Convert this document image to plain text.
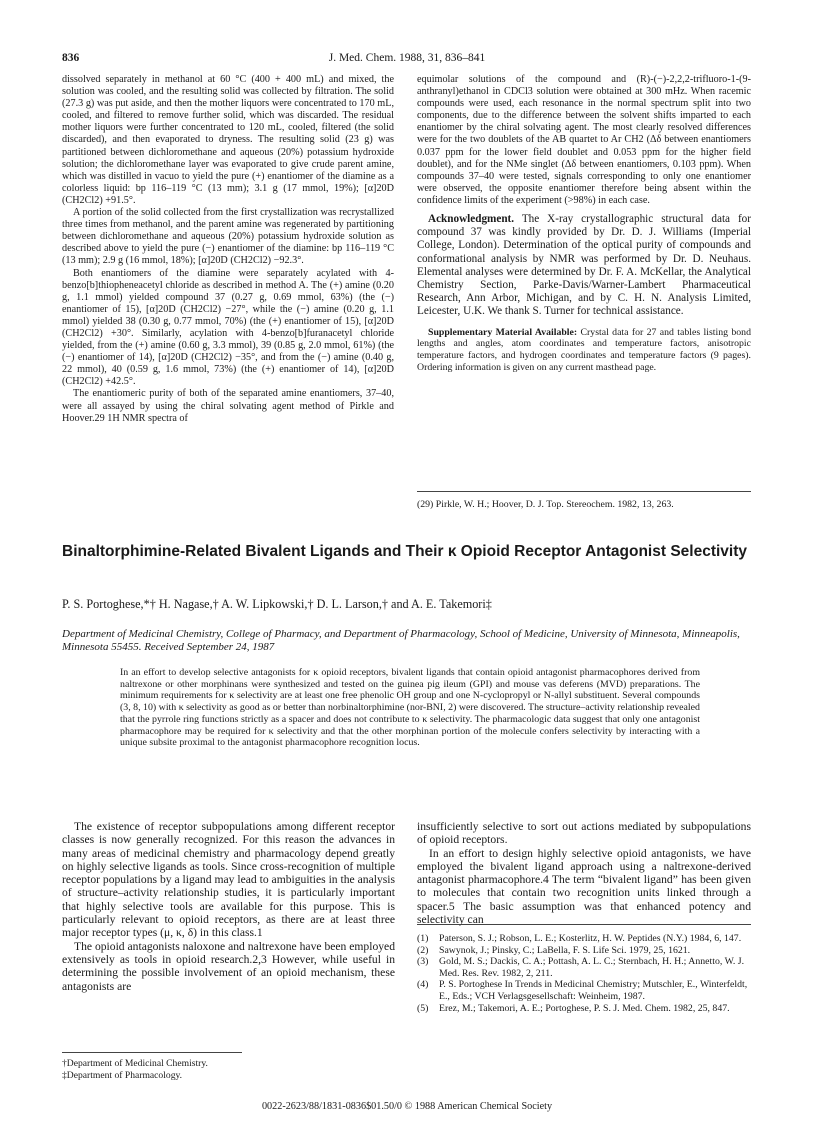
836	J. Med. Chem. 1988, 31, 836–841

dissolved separately in methanol at 60 °C (400 + 400 mL) and mixed, the solution was cooled, and the resulting solid was collected by filtration. The solid (27.3 g) was put aside, and then the mother liquors were concentrated to 170 mL, cooled, and filtered to remove further solid, which was discarded. The residual mother liquors were further concentrated to 120 mL, cooled, filtered (the solid discarded), and then evaporated to dryness. The resulting solid (23 g) was partitioned between dichloromethane and aqueous (20%) potassium hydroxide solution; the dichloromethane layer was evaporated to give crude parent amine, which was distilled in vacuo to yield the pure (+) enantiomer of the diamine as a colorless liquid: bp 116–119 °C (13 mm); 3.1 g (17 mmol, 19%); [α]20D (CH2Cl2) +91.5°.

A portion of the solid collected from the first crystallization was recrystallized three times from methanol, and the parent amine was regenerated by partitioning between dichloromethane and aqueous (20%) potassium hydroxide solution as described above to yield the pure (−) enantiomer of the diamine: bp 116–119 °C (13 mm); 2.9 g (16 mmol, 18%); [α]20D (CH2Cl2) −92.3°.

Both enantiomers of the diamine were separately acylated with 4-benzo[b]thiopheneacetyl chloride as described in method A. The (+) amine (0.20 g, 1.1 mmol) yielded compound 37 (0.27 g, 0.69 mmol, 63%) (the (−) enantiomer of 15), [α]20D (CH2Cl2) −27°, while the (−) amine (0.20 g, 1.1 mmol) yielded 38 (0.30 g, 0.77 mmol, 70%) (the (+) enantiomer of 15), [α]20D (CH2Cl2) +30°. Similarly, acylation with 4-benzo[b]furanacetyl chloride yielded, from the (+) amine (0.60 g, 3.3 mmol), 39 (0.85 g, 2.0 mmol, 61%) (the (−) enantiomer of 14), [α]20D (CH2Cl2) −35°, and from the (−) amine (0.40 g, 22 mmol), 40 (0.59 g, 1.6 mmol, 73%) (the (+) enantiomer of 14), [α]20D (CH2Cl2) +42.5°.

The enantiomeric purity of both of the separated amine enantiomers, 37–40, were all assayed by using the chiral solvating agent method of Pirkle and Hoover.29 1H NMR spectra of

equimolar solutions of the compound and (R)-(−)-2,2,2-trifluoro-1-(9-anthranyl)ethanol in CDCl3 solution were obtained at 300 mHz. When racemic compounds were used, each resonance in the normal spectrum split into two components, due to the difference between the solvent shifts imparted to each enantiomer by the chiral solvating agent. The most clearly resolved differences were for the two doublets of the AB quartet to Ar CH2 (Δδ between enantiomers 0.037 ppm for the lower field doublet and 0.053 ppm for the higher field doublet), and for the NMe singlet (Δδ between enantiomers, 0.103 ppm). When compounds 37–40 were tested, signals corresponding to only one enantiomer were observed, the opposite enantiomer therefore being absent within the confidence limits of the experiment (>98%) in each case.

Acknowledgment. The X-ray crystallographic structural data for compound 37 was kindly provided by Dr. D. J. Williams (Imperial College, London). Determination of the optical purity of compounds and conformational analysis by NMR was performed by Dr. D. Neuhaus. Elemental analyses were determined by Dr. F. A. McKellar, the Analytical Chemistry Section, Parke-Davis/Warner-Lambert Pharmaceutical Research, Ann Arbor, Michigan, and by C. H. N. Analysis Limited, Leicester, U.K. We thank S. Turner for technical assistance.

Supplementary Material Available: Crystal data for 27 and tables listing bond lengths and angles, atom coordinates and temperature factors, anisotropic temperature factors, and hydrogen coordinates and temperature factors (9 pages). Ordering information is given on any current masthead page.

(29) Pirkle, W. H.; Hoover, D. J. Top. Stereochem. 1982, 13, 263.
Binaltorphimine-Related Bivalent Ligands and Their κ Opioid Receptor Antagonist Selectivity
P. S. Portoghese,*† H. Nagase,† A. W. Lipkowski,† D. L. Larson,† and A. E. Takemori‡
Department of Medicinal Chemistry, College of Pharmacy, and Department of Pharmacology, School of Medicine, University of Minnesota, Minneapolis, Minnesota 55455. Received September 24, 1987
In an effort to develop selective antagonists for κ opioid receptors, bivalent ligands that contain opioid antagonist pharmacophores derived from naltrexone or other morphinans were synthesized and tested on the guinea pig ileum (GPI) and mouse vas deferens (MVD) preparations. The minimum requirements for κ selectivity are at least one free phenolic OH group and one N-cyclopropyl or N-allyl substituent. Several compounds (3, 8, 10) with κ selectivity as good as or better than norbinaltorphimine (nor-BNI, 2) were discovered. The structure–activity relationship revealed that the pyrrole ring functions strictly as a spacer and does not contribute to κ selectivity. The pharmacologic data suggest that only one antagonist pharmacophore may be required for κ selectivity and that the other morphinan portion of the molecule confers selectivity by interacting with a unique subsite proximal to the antagonist pharmacophore recognition locus.

The existence of receptor subpopulations among different receptor classes is now generally recognized. For this reason the advances in many areas of medicinal chemistry and pharmacology depend greatly on highly selective ligands as tools. Since cross-recognition of multiple receptor populations by a ligand may lead to ambiguities in the analysis of structure–activity relationship studies, it is particularly important that highly selective tools are available for this purpose. This is particularly relevant to opioid receptors, as there are at least three major receptor types (μ, κ, δ) in this class.1

The opioid antagonists naloxone and naltrexone have been employed extensively as tools in opioid research.2,3 However, while useful in determining the possible involvement of an opioid mechanism, these antagonists are

insufficiently selective to sort out actions mediated by subpopulations of opioid receptors.

In an effort to design highly selective opioid antagonists, we have employed the bivalent ligand approach using a naltrexone-derived antagonist pharmacophore.4 The term “bivalent ligand” has been given to molecules that contain two recognition units linked through a spacer.5 The basic assumption was that enhanced potency and selectivity can

(1)	Paterson, S. J.; Robson, L. E.; Kosterlitz, H. W. Peptides (N.Y.) 1984, 6, 147.
(2)	Sawynok, J.; Pinsky, C.; LaBella, F. S. Life Sci. 1979, 25, 1621.
(3)	Gold, M. S.; Dackis, C. A.; Pottash, A. L. C.; Sternbach, H. H.; Annetto, W. J. Med. Res. Rev. 1982, 2, 211.
(4)	P. S. Portoghese In Trends in Medicinal Chemistry; Mutschler, E., Winterfeldt, E., Eds.; VCH Verlagsgesellschaft: Weinheim, 1987.
(5)	Erez, M.; Takemori, A. E.; Portoghese, P. S. J. Med. Chem. 1982, 25, 847.
†Department of Medicinal Chemistry.
‡Department of Pharmacology.
0022-2623/88/1831-0836$01.50/0 © 1988 American Chemical Society
